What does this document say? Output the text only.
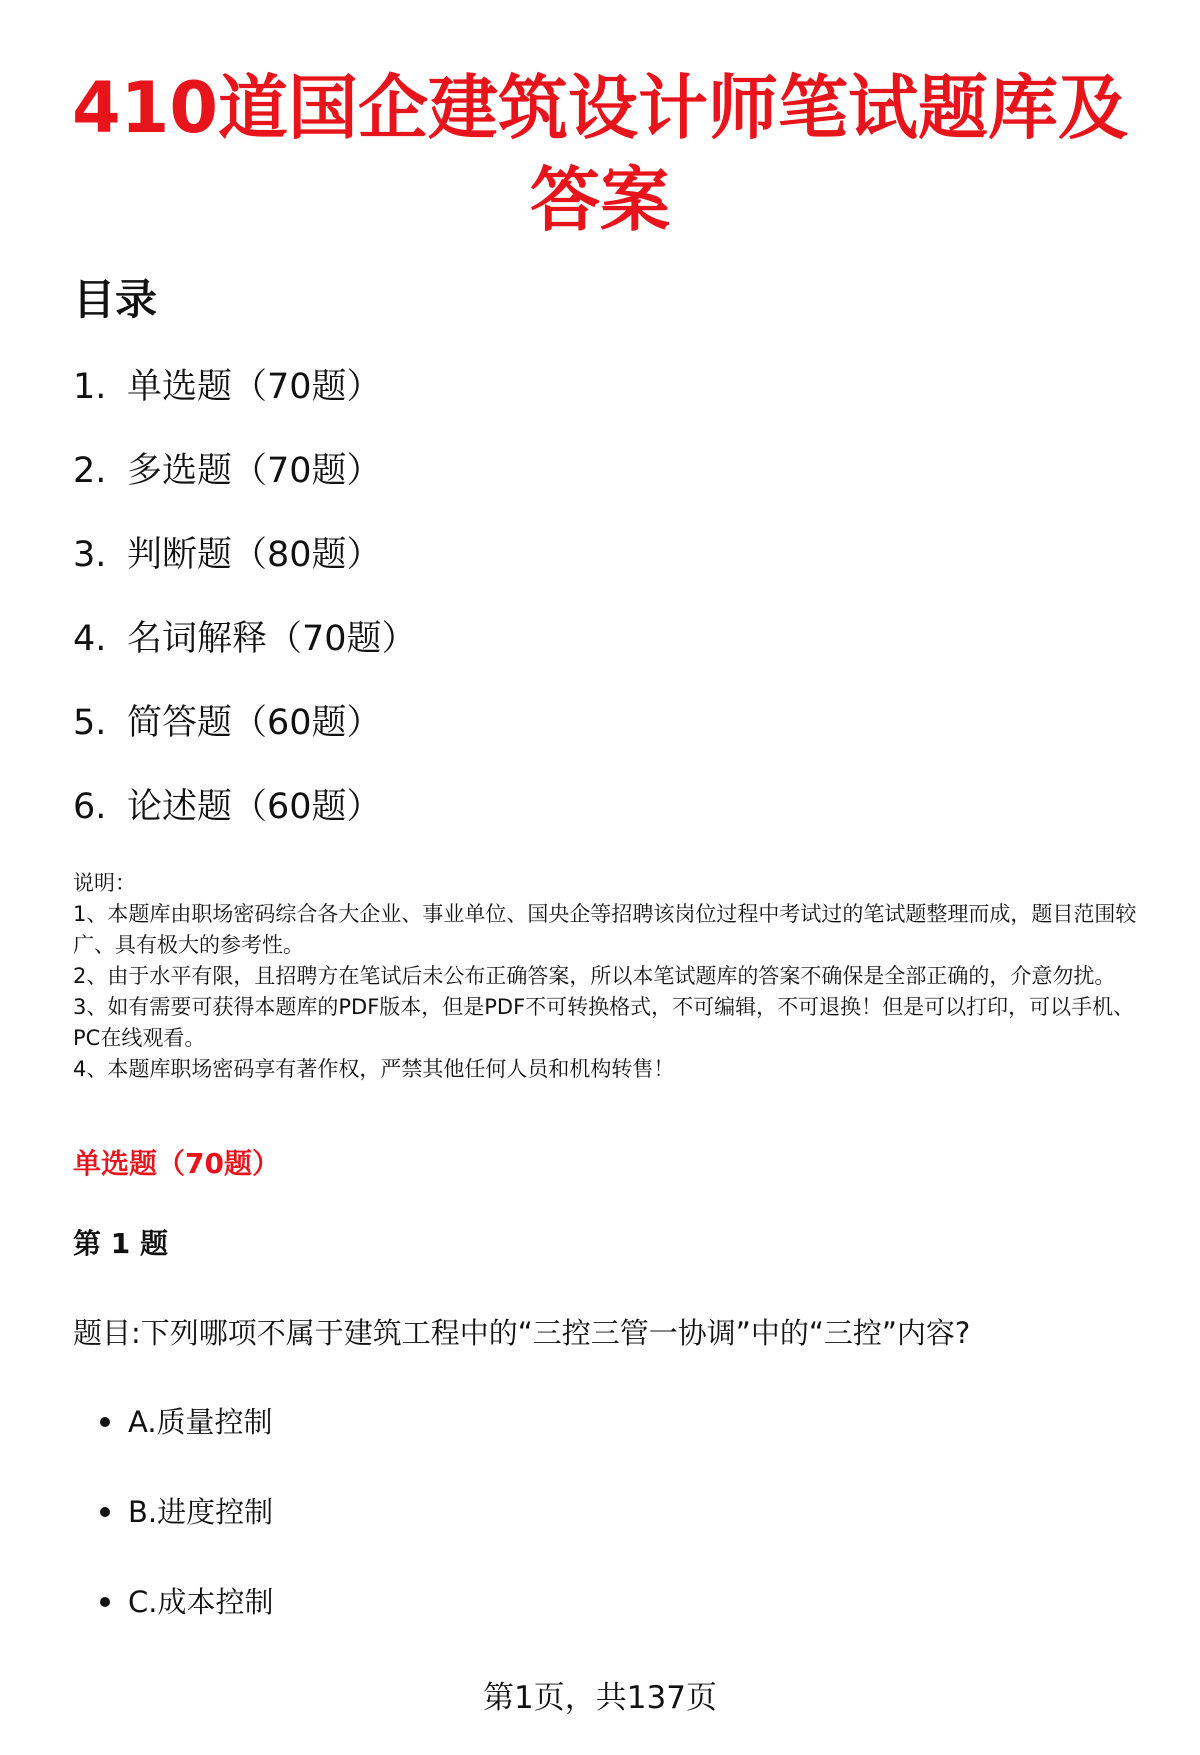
410道国企建筑设计师笔试题库及答案
目录
1. 单选题（70题）
2. 多选题（70题）
3. 判断题（80题）
4. 名词解释（70题）
5. 简答题（60题）
6. 论述题（60题）

说明：

1、本题库由职场密码综合各大企业、事业单位、国央企等招聘该岗位过程中考试过的笔试题整理而成，题目范围较广、具有极大的参考性。

2、由于水平有限，且招聘方在笔试后未公布正确答案，所以本笔试题库的答案不确保是全部正确的，介意勿扰。

3、如有需要可获得本题库的PDF版本，但是PDF不可转换格式，不可编辑，不可退换！但是可以打印，可以手机、PC在线观看。

4、本题库职场密码享有著作权，严禁其他任何人员和机构转售！

单选题（70题）
第 1 题

题目:下列哪项不属于建筑工程中的“三控三管一协调”中的“三控”内容?

A.质量控制
B.进度控制
C.成本控制
第1页，共137页
